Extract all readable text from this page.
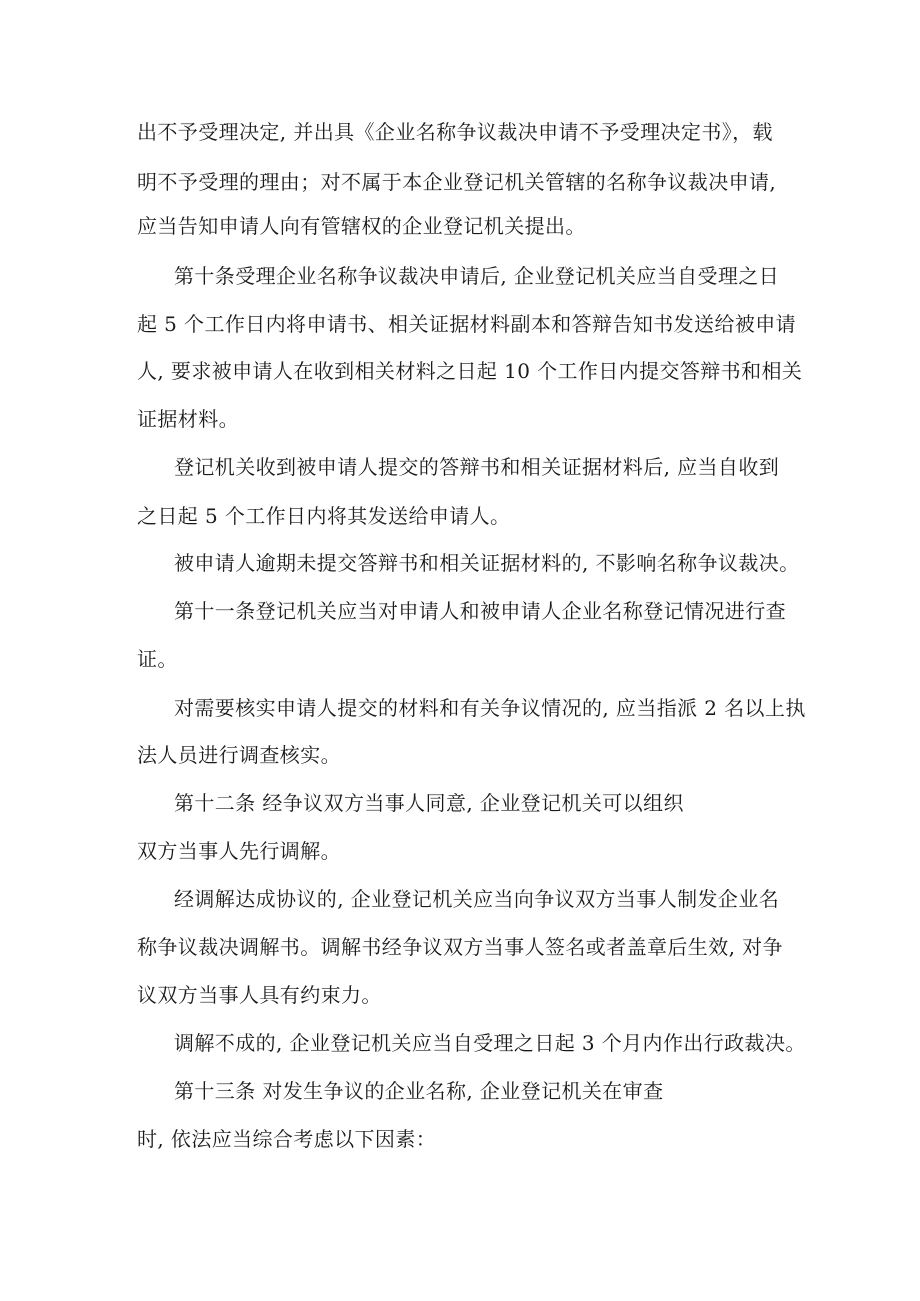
出不予受理决定, 并出具《企业名称争议裁决申请不予受理决定书》，载
明不予受理的理由；对不属于本企业登记机关管辖的名称争议裁决申请,
应当告知申请人向有管辖权的企业登记机关提出。
第十条受理企业名称争议裁决申请后, 企业登记机关应当自受理之日
起 5 个工作日内将申请书、相关证据材料副本和答辩告知书发送给被申请
人, 要求被申请人在收到相关材料之日起 10 个工作日内提交答辩书和相关
证据材料。
登记机关收到被申请人提交的答辩书和相关证据材料后, 应当自收到
之日起 5 个工作日内将其发送给申请人。
被申请人逾期未提交答辩书和相关证据材料的, 不影响名称争议裁决。
第十一条登记机关应当对申请人和被申请人企业名称登记情况进行查
证。
对需要核实申请人提交的材料和有关争议情况的, 应当指派 2 名以上执
法人员进行调查核实。
第十二条 经争议双方当事人同意, 企业登记机关可以组织
双方当事人先行调解。
经调解达成协议的, 企业登记机关应当向争议双方当事人制发企业名
称争议裁决调解书。调解书经争议双方当事人签名或者盖章后生效, 对争
议双方当事人具有约束力。
调解不成的, 企业登记机关应当自受理之日起 3 个月内作出行政裁决。
第十三条 对发生争议的企业名称, 企业登记机关在审查
时, 依法应当综合考虑以下因素：
